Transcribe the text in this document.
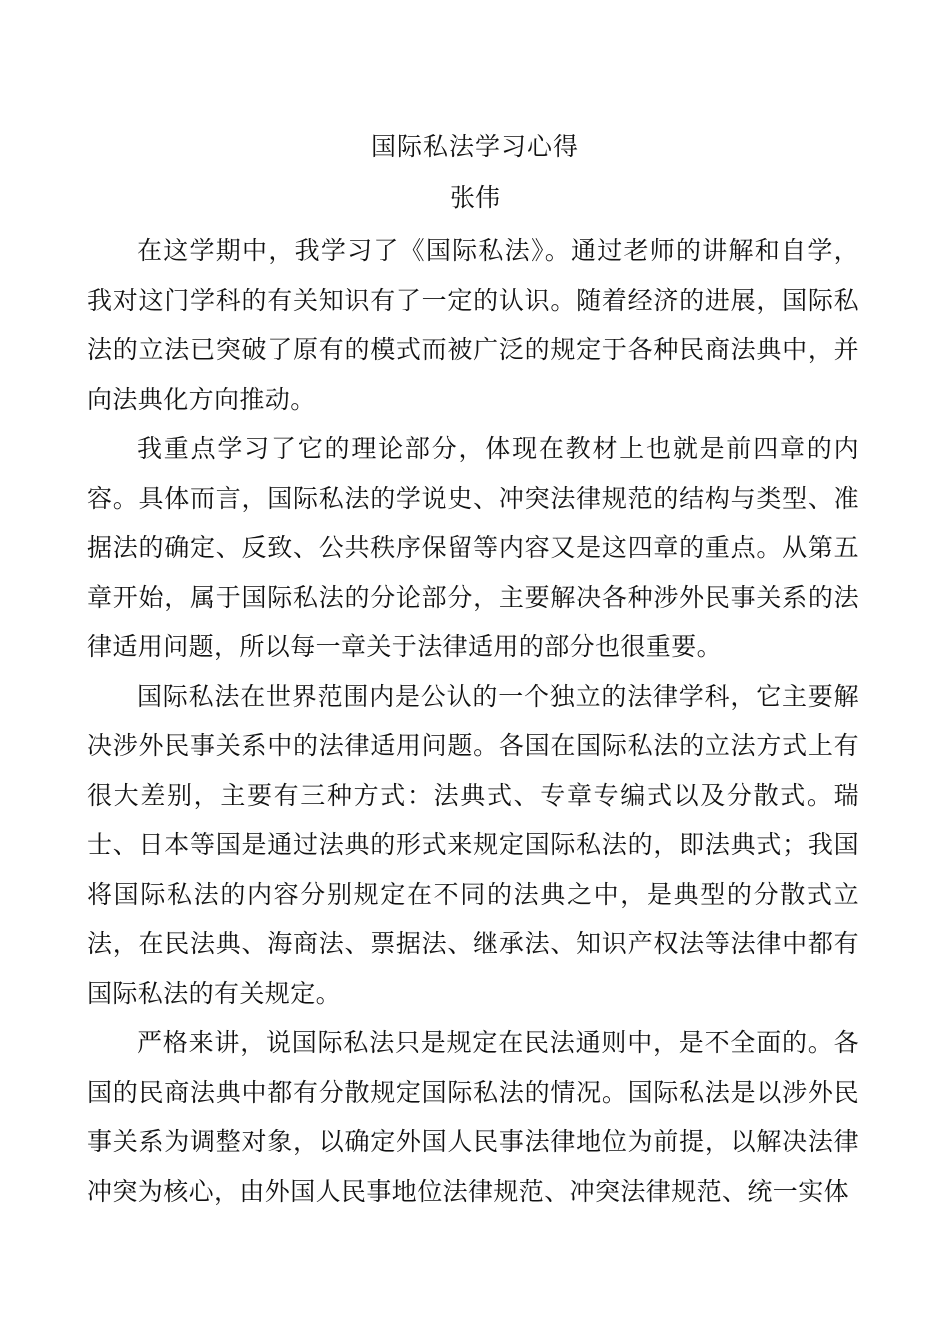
国际私法学习心得
张伟

在这学期中，我学习了《国际私法》。通过老师的讲解和自学，我对这门学科的有关知识有了一定的认识。随着经济的进展，国际私法的立法已突破了原有的模式而被广泛的规定于各种民商法典中，并向法典化方向推动。

我重点学习了它的理论部分，体现在教材上也就是前四章的内容。具体而言，国际私法的学说史、冲突法律规范的结构与类型、准据法的确定、反致、公共秩序保留等内容又是这四章的重点。从第五章开始，属于国际私法的分论部分，主要解决各种涉外民事关系的法律适用问题，所以每一章关于法律适用的部分也很重要。

国际私法在世界范围内是公认的一个独立的法律学科，它主要解决涉外民事关系中的法律适用问题。各国在国际私法的立法方式上有很大差别，主要有三种方式：法典式、专章专编式以及分散式。瑞士、日本等国是通过法典的形式来规定国际私法的，即法典式；我国将国际私法的内容分别规定在不同的法典之中，是典型的分散式立法，在民法典、海商法、票据法、继承法、知识产权法等法律中都有国际私法的有关规定。

严格来讲，说国际私法只是规定在民法通则中，是不全面的。各国的民商法典中都有分散规定国际私法的情况。国际私法是以涉外民事关系为调整对象，以确定外国人民事法律地位为前提，以解决法律冲突为核心，由外国人民事地位法律规范、冲突法律规范、统一实体
